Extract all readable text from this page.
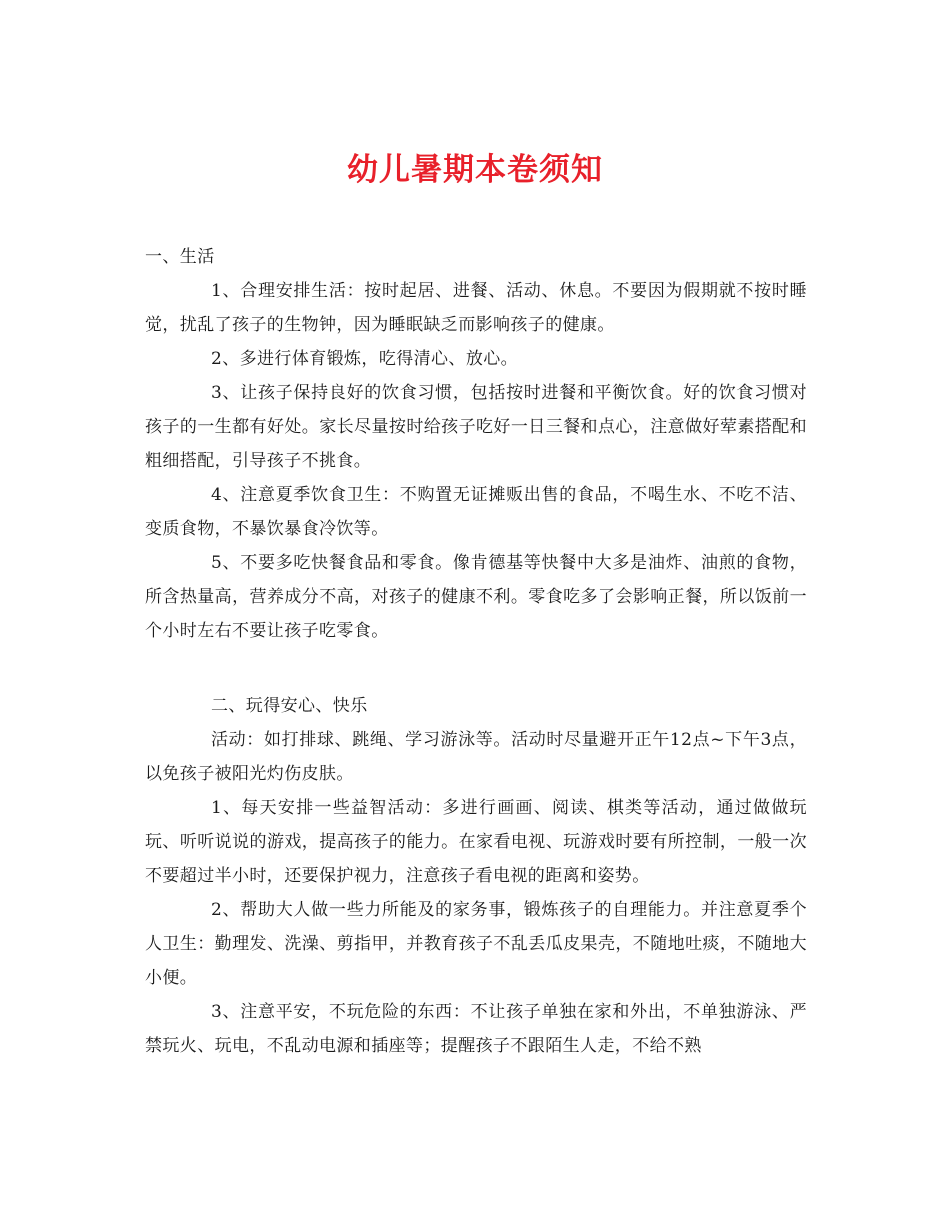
幼儿暑期本卷须知

一、生活

1、合理安排生活：按时起居、进餐、活动、休息。不要因为假期就不按时睡觉，扰乱了孩子的生物钟，因为睡眠缺乏而影响孩子的健康。

2、多进行体育锻炼，吃得清心、放心。

3、让孩子保持良好的饮食习惯，包括按时进餐和平衡饮食。好的饮食习惯对孩子的一生都有好处。家长尽量按时给孩子吃好一日三餐和点心，注意做好荤素搭配和粗细搭配，引导孩子不挑食。

4、注意夏季饮食卫生：不购置无证摊贩出售的食品，不喝生水、不吃不洁、变质食物，不暴饮暴食冷饮等。

5、不要多吃快餐食品和零食。像肯德基等快餐中大多是油炸、油煎的食物，所含热量高，营养成分不高，对孩子的健康不利。零食吃多了会影响正餐，所以饭前一个小时左右不要让孩子吃零食。

二、玩得安心、快乐

活动：如打排球、跳绳、学习游泳等。活动时尽量避开正午12点~下午3点，以免孩子被阳光灼伤皮肤。

1、每天安排一些益智活动：多进行画画、阅读、棋类等活动，通过做做玩玩、听听说说的游戏，提高孩子的能力。在家看电视、玩游戏时要有所控制，一般一次不要超过半小时，还要保护视力，注意孩子看电视的距离和姿势。

2、帮助大人做一些力所能及的家务事，锻炼孩子的自理能力。并注意夏季个人卫生：勤理发、洗澡、剪指甲，并教育孩子不乱丢瓜皮果壳，不随地吐痰，不随地大小便。

3、注意平安，不玩危险的东西：不让孩子单独在家和外出，不单独游泳、严禁玩火、玩电，不乱动电源和插座等；提醒孩子不跟陌生人走，不给不熟
